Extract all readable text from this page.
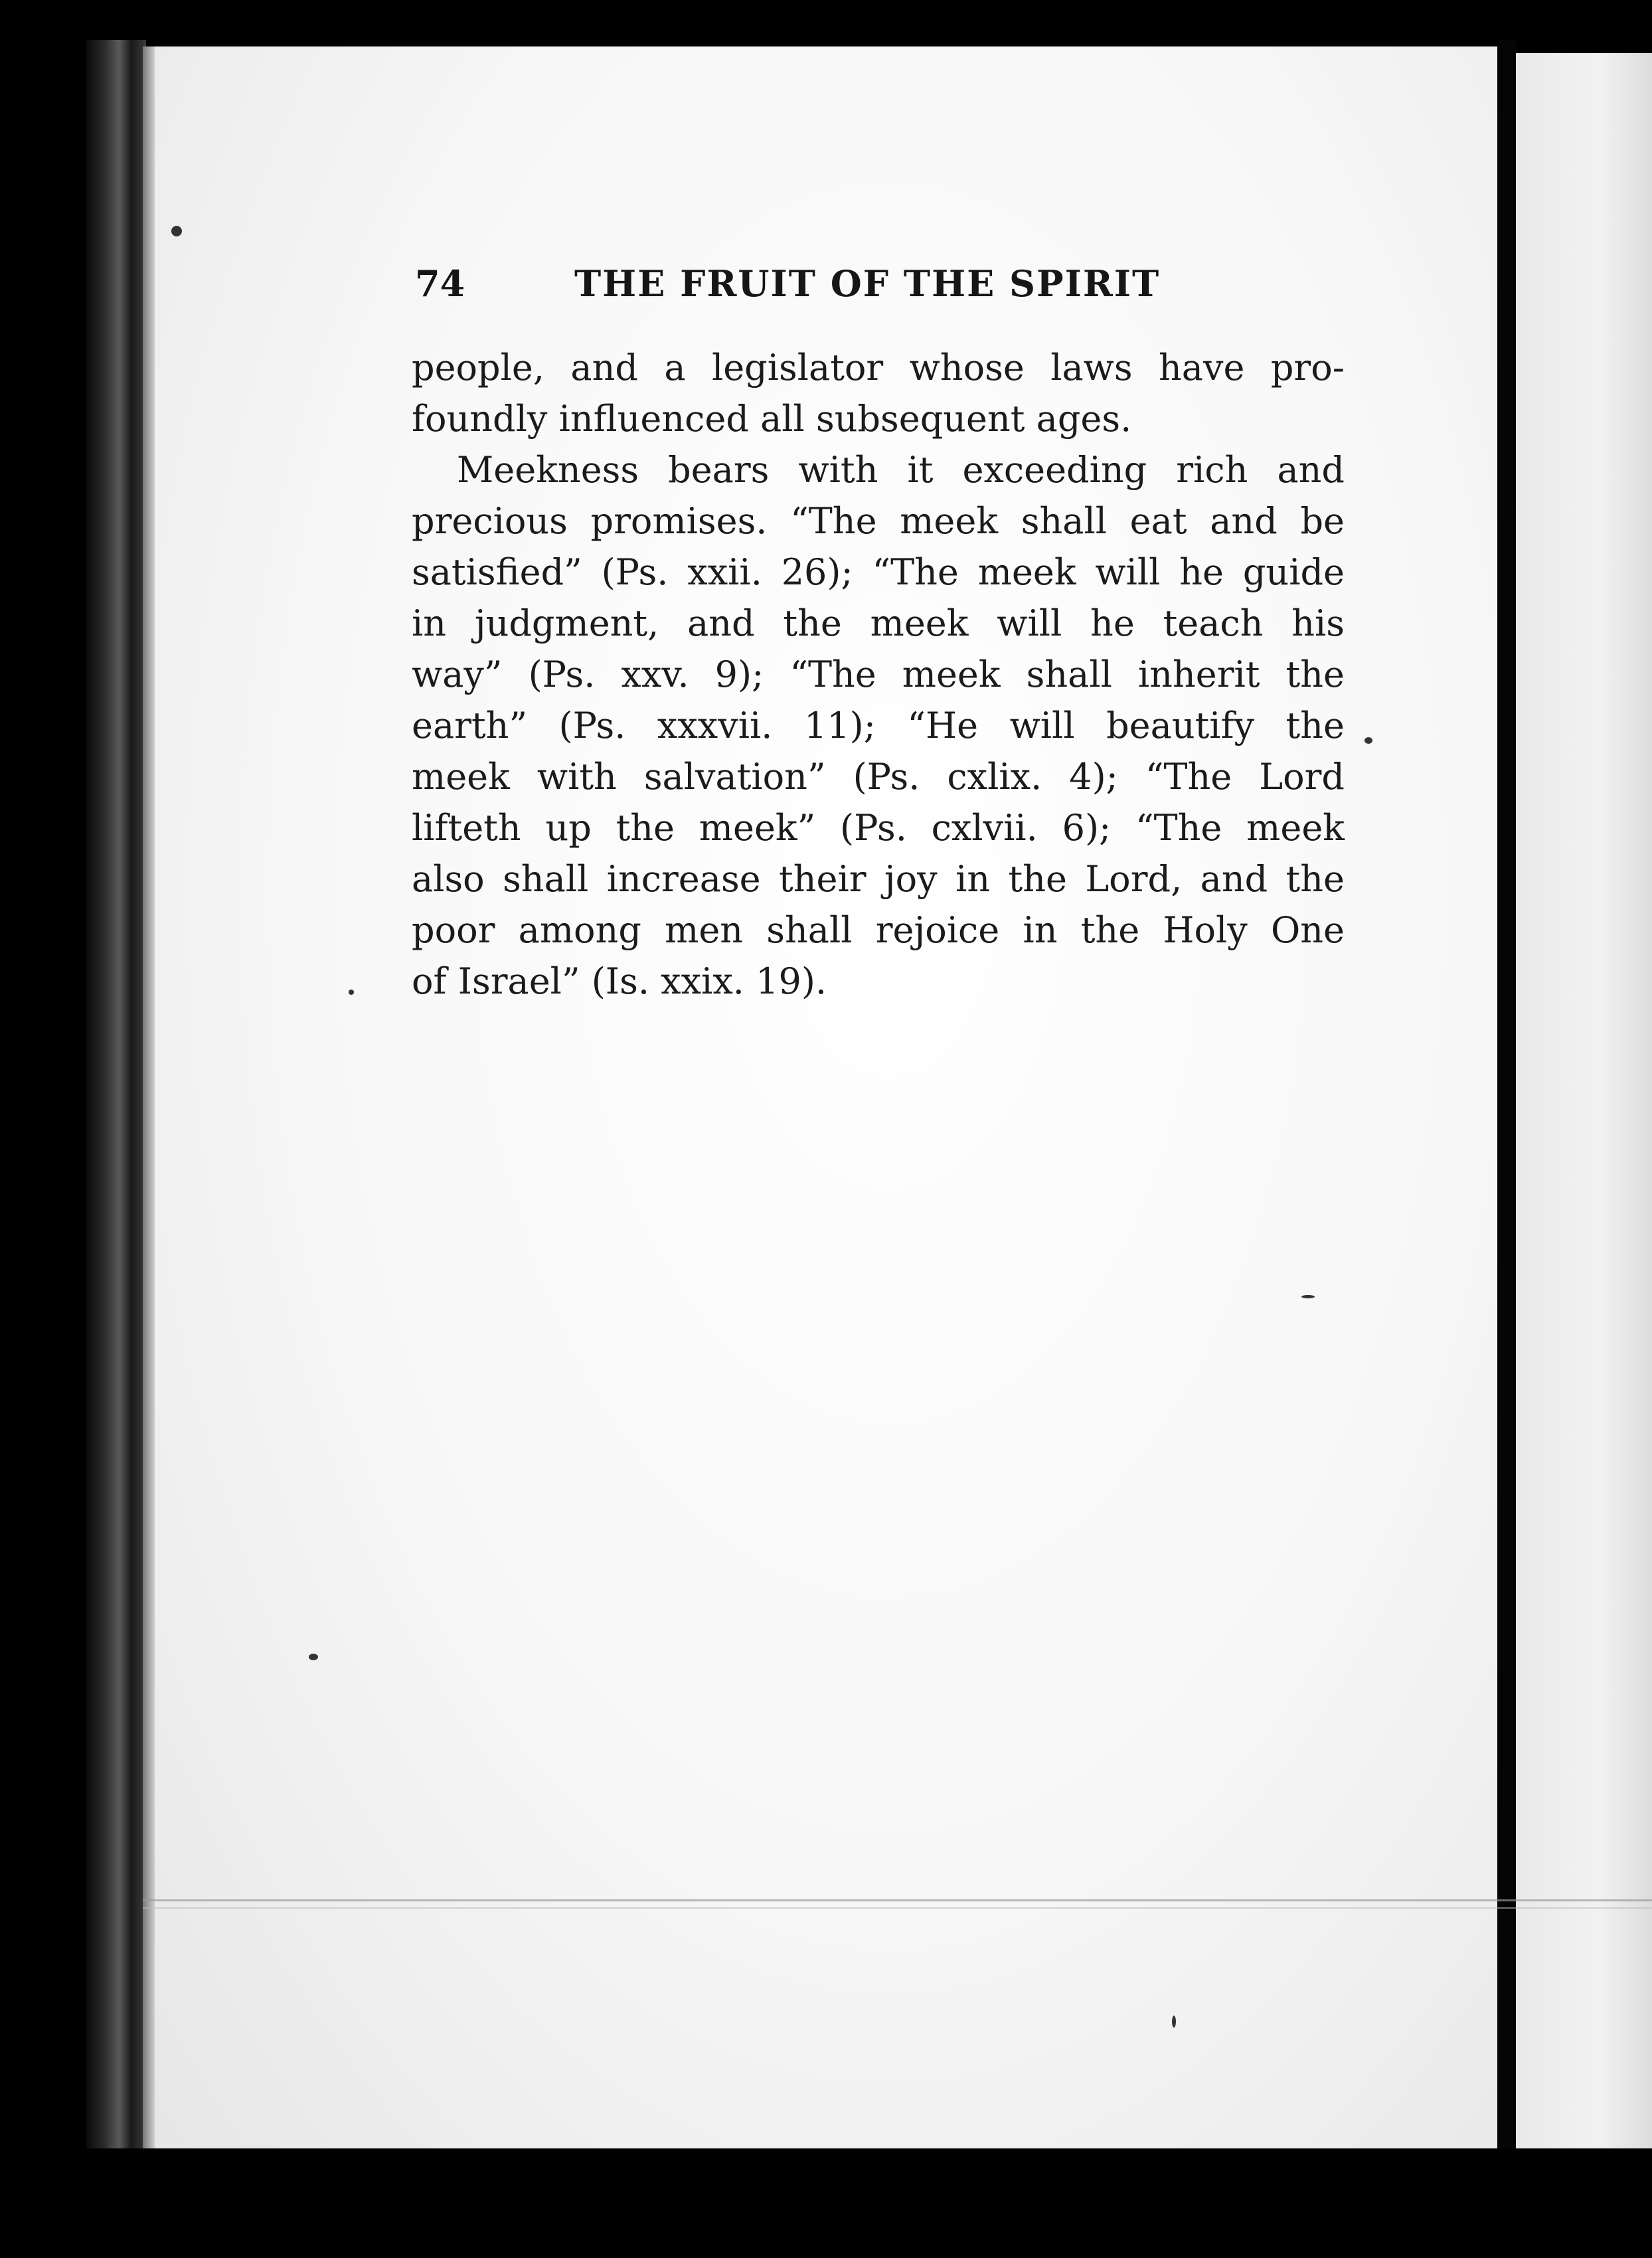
74	THE FRUIT OF THE SPIRIT
people, and a legislator whose laws have pro-
foundly influenced all subsequent ages.
Meekness bears with it exceeding rich and
precious promises. “The meek shall eat and be
satisfied” (Ps. xxii. 26); “The meek will he guide
in judgment, and the meek will he teach his
way” (Ps. xxv. 9); “The meek shall inherit the
earth” (Ps. xxxvii. 11); “He will beautify the
meek with salvation” (Ps. cxlix. 4); “The Lord
lifteth up the meek” (Ps. cxlvii. 6); “The meek
also shall increase their joy in the Lord, and the
poor among men shall rejoice in the Holy One
of Israel” (Is. xxix. 19).
